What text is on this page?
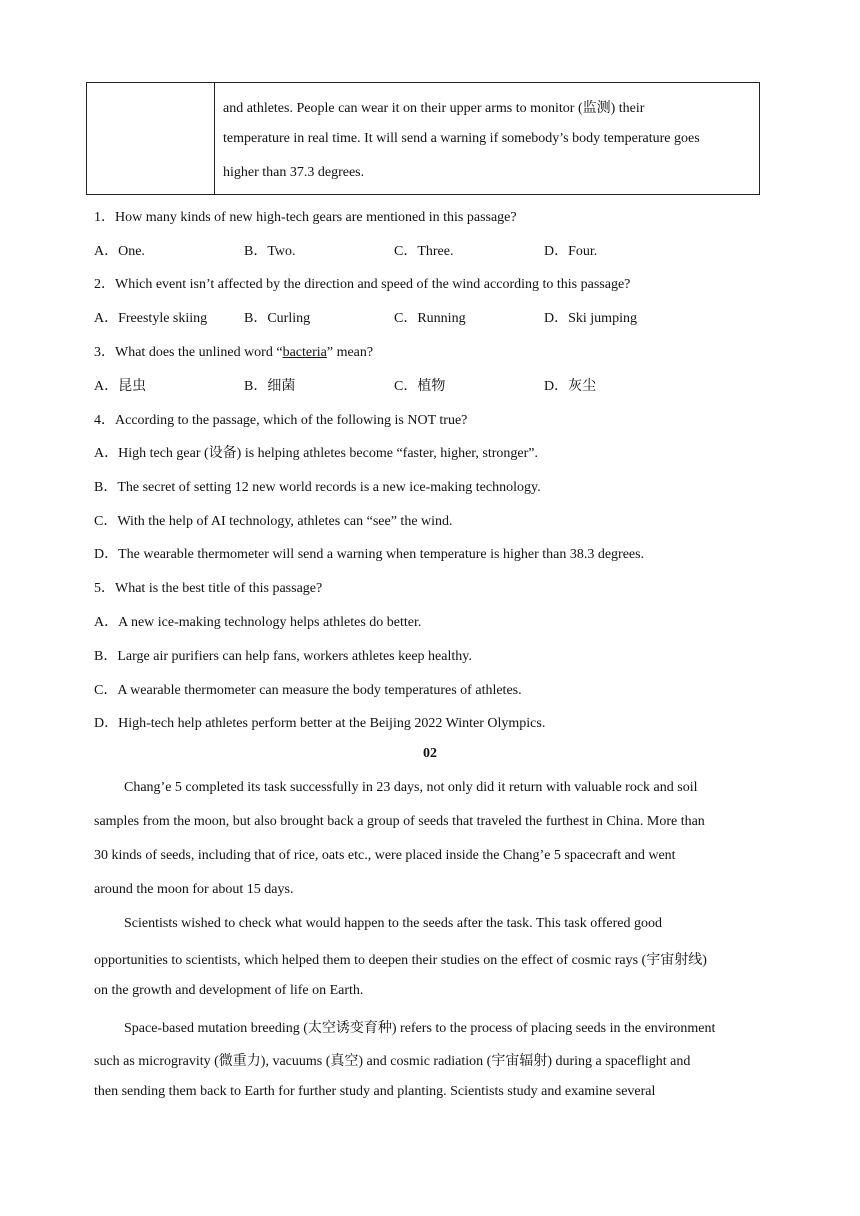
and athletes. People can wear it on their upper arms to monitor (监测) their
temperature in real time. It will send a warning if somebody’s body temperature goes
higher than 37.3 degrees.
1．How many kinds of new high-tech gears are mentioned in this passage?
A．One.	B．Two.	C．Three.	D．Four.
2．Which event isn’t affected by the direction and speed of the wind according to this passage?
A．Freestyle skiing	B．Curling	C．Running	D．Ski jumping
3．What does the unlined word “bacteria” mean?
A．昆虫	B．细菌	C．植物	D．灰尘
4．According to the passage, which of the following is NOT true?
A．High tech gear (设备) is helping athletes become “faster, higher, stronger”.
B．The secret of setting 12 new world records is a new ice-making technology.
C．With the help of AI technology, athletes can “see” the wind.
D．The wearable thermometer will send a warning when temperature is higher than 38.3 degrees.
5．What is the best title of this passage?
A．A new ice-making technology helps athletes do better.
B．Large air purifiers can help fans, workers athletes keep healthy.
C．A wearable thermometer can measure the body temperatures of athletes.
D．High-tech help athletes perform better at the Beijing 2022 Winter Olympics.
02
Chang’e 5 completed its task successfully in 23 days, not only did it return with valuable rock and soil
samples from the moon, but also brought back a group of seeds that traveled the furthest in China. More than
30 kinds of seeds, including that of rice, oats etc., were placed inside the Chang’e 5 spacecraft and went
around the moon for about 15 days.
Scientists wished to check what would happen to the seeds after the task. This task offered good
opportunities to scientists, which helped them to deepen their studies on the effect of cosmic rays (宇宙射线)
on the growth and development of life on Earth.
Space-based mutation breeding (太空诱变育种) refers to the process of placing seeds in the environment
such as microgravity (微重力), vacuums (真空) and cosmic radiation (宇宙辐射) during a spaceflight and
then sending them back to Earth for further study and planting. Scientists study and examine several
